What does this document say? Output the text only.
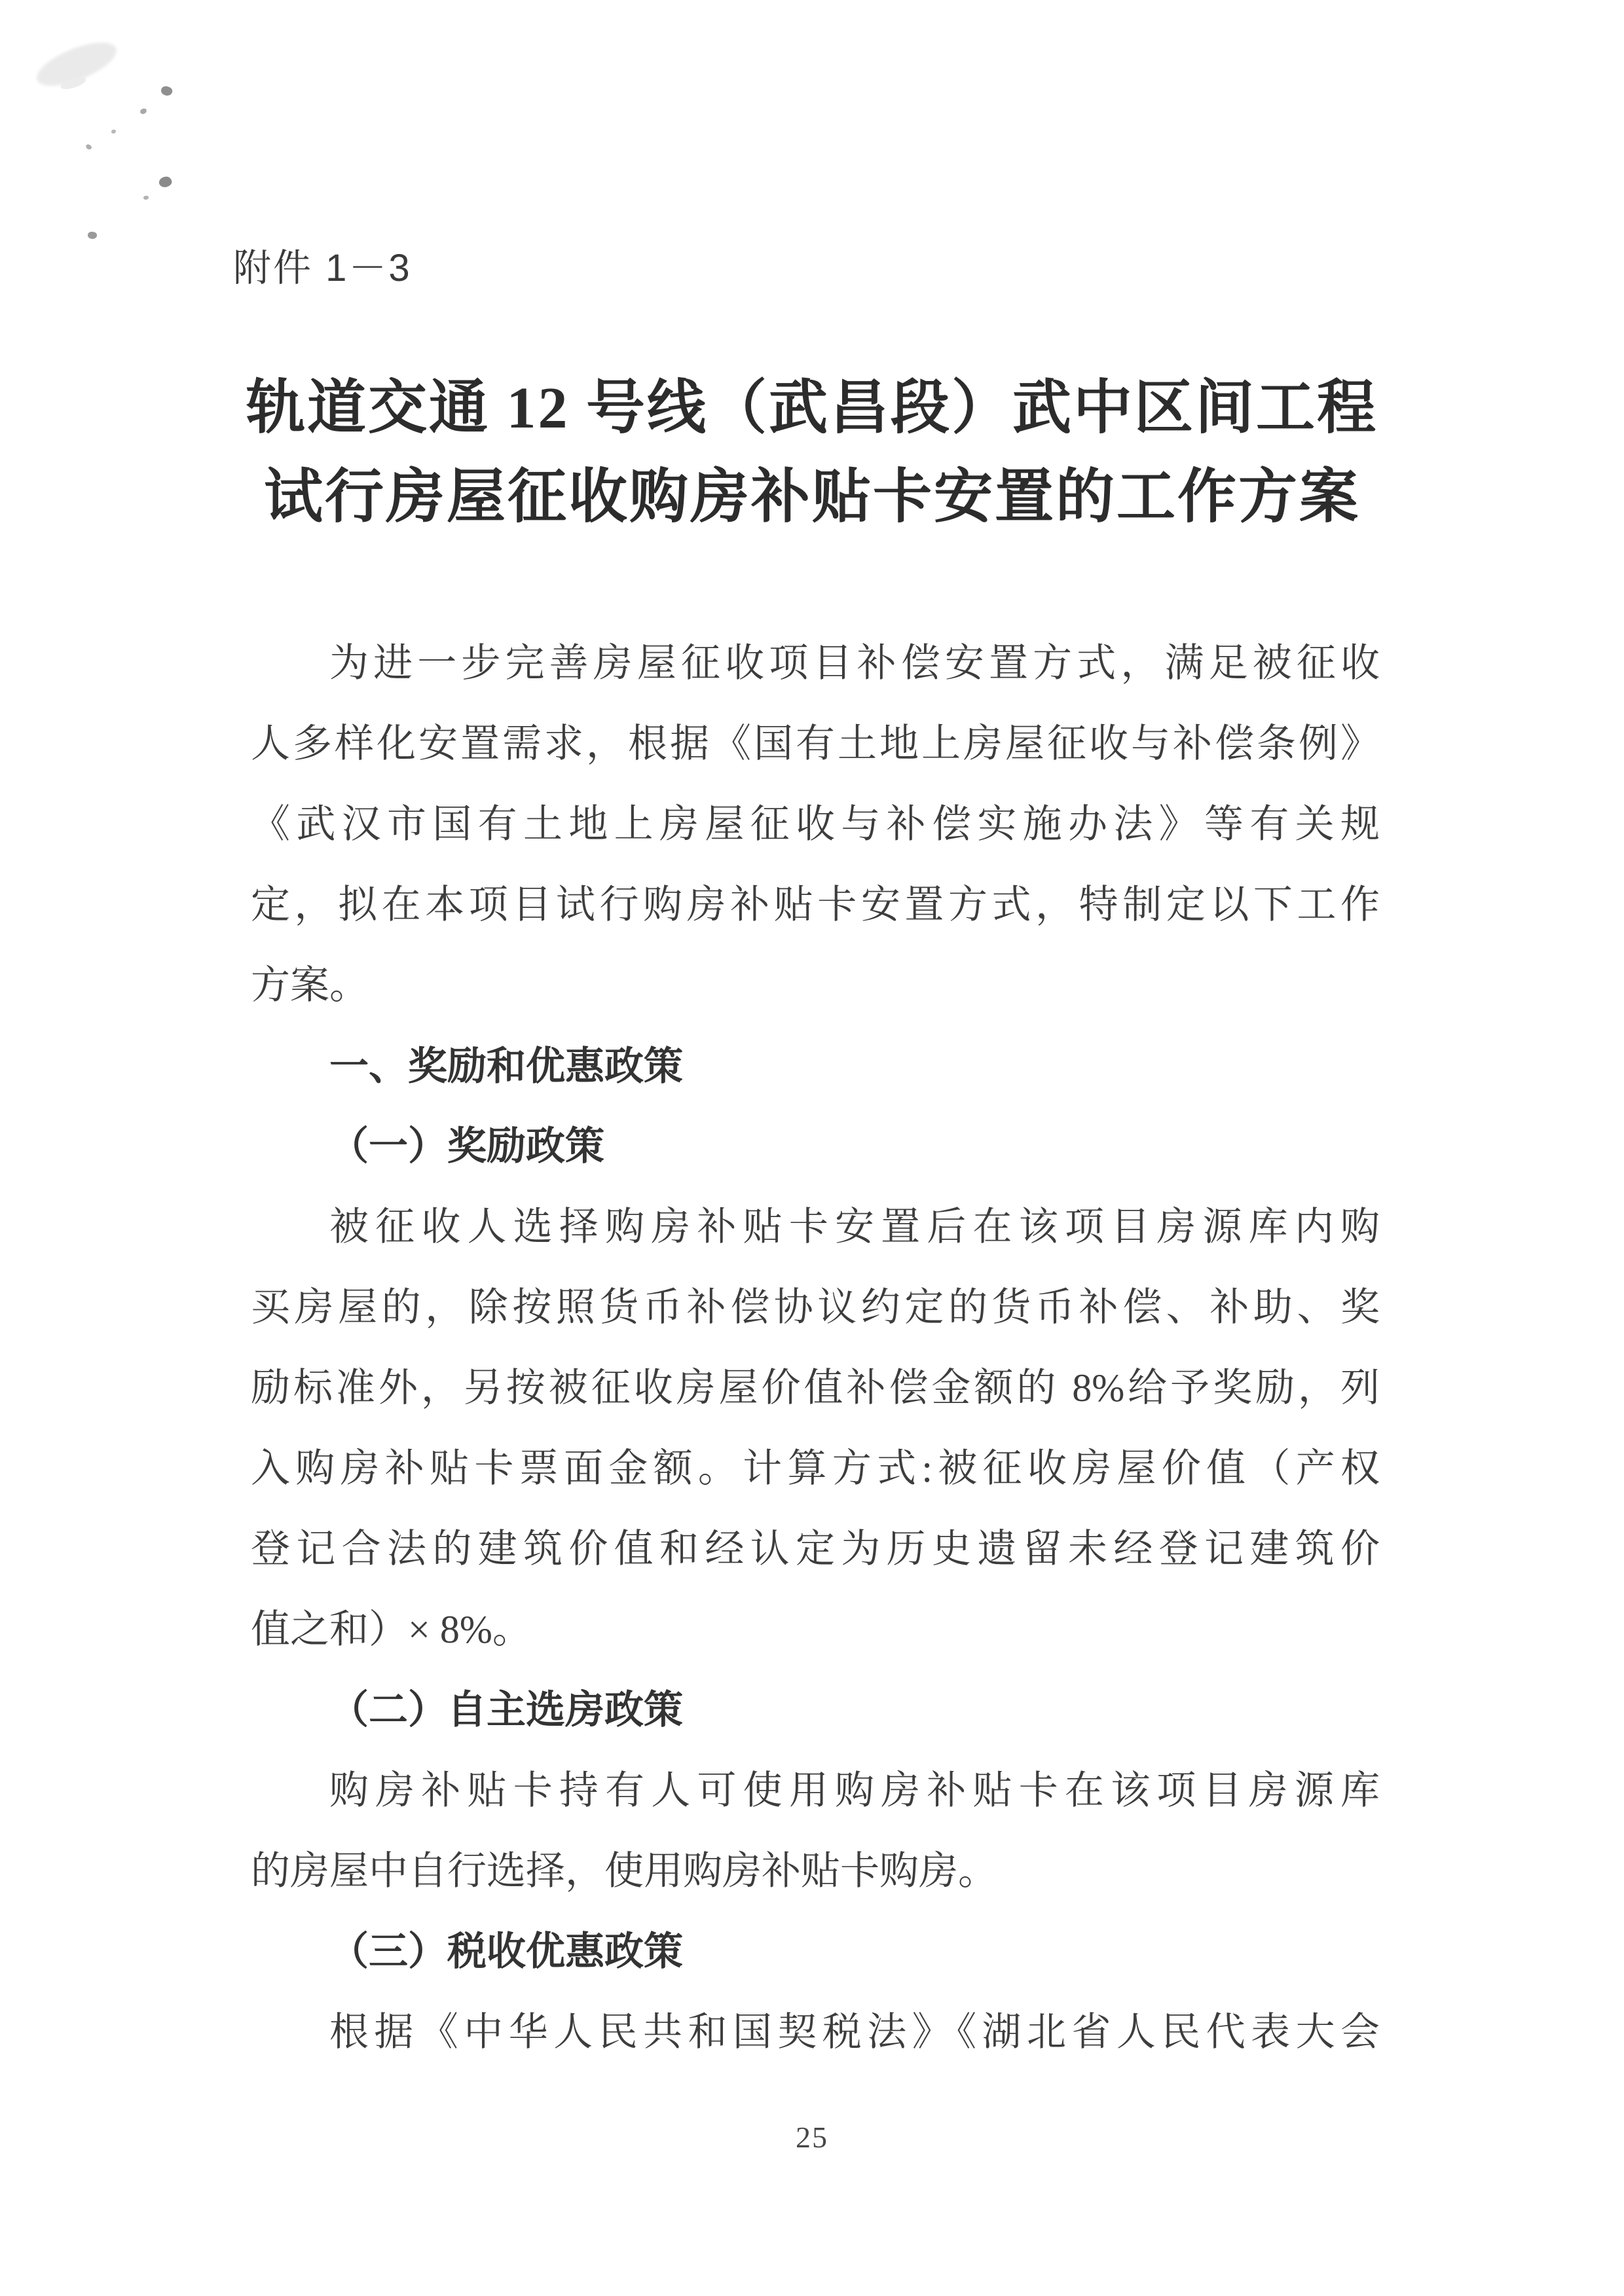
附件 1－3
轨道交通 12 号线（武昌段）武中区间工程
试行房屋征收购房补贴卡安置的工作方案
为进一步完善房屋征收项目补偿安置方式，满足被征收
人多样化安置需求，根据《国有土地上房屋征收与补偿条例》
《武汉市国有土地上房屋征收与补偿实施办法》等有关规
定，拟在本项目试行购房补贴卡安置方式，特制定以下工作
方案。
一、奖励和优惠政策
（一）奖励政策
被征收人选择购房补贴卡安置后在该项目房源库内购
买房屋的，除按照货币补偿协议约定的货币补偿、补助、奖
励标准外，另按被征收房屋价值补偿金额的 8%给予奖励，列
入购房补贴卡票面金额。计算方式:被征收房屋价值（产权
登记合法的建筑价值和经认定为历史遗留未经登记建筑价
值之和）× 8%。
（二）自主选房政策
购房补贴卡持有人可使用购房补贴卡在该项目房源库
的房屋中自行选择，使用购房补贴卡购房。
（三）税收优惠政策
根据《中华人民共和国契税法》《湖北省人民代表大会
25
